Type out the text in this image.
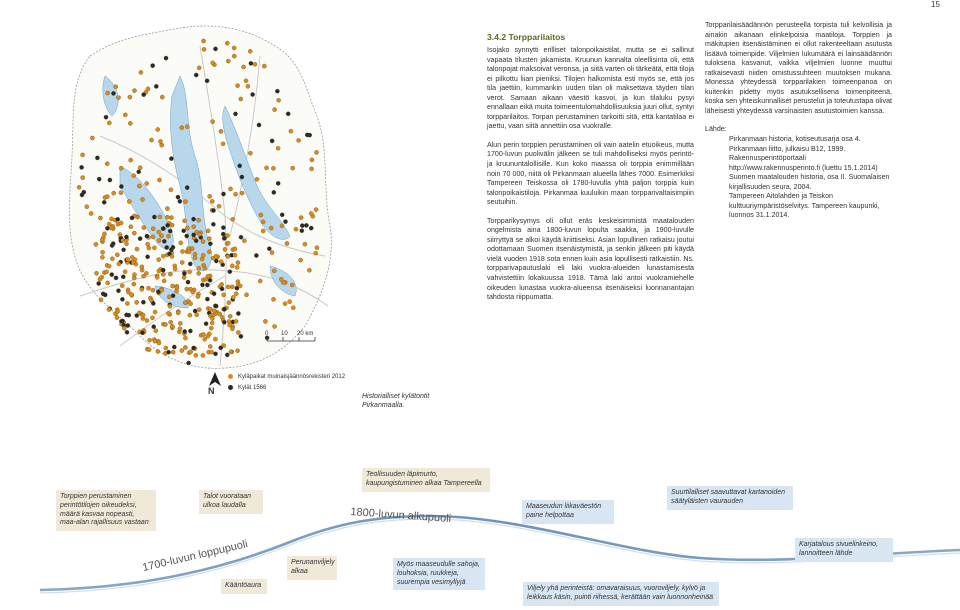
15
0 10 20 km
N
Kyläpaikat muinaisjäännösrekisteri 2012
Kylät 1566
Historialliset kylätontit Pirkanmaalla.
3.4.2 Torpparilaitos

Isojako synnytti erilliset talonpoikaistilat, mutta se ei sallinut vapaata tilusten jakamista. Kruunun kannalta oleellisinta oli, että talonpojat maksoivat veronsa, ja siitä varten oli tärkeätä, että tiloja ei pilkottu liian pieniksi. Tilojen halkomista esti myös se, että jos tila jaettiin, kummankin uuden tilan oli maksettava täyden tilan verot. Samaan aikaan väestö kasvoi, ja kun tilaluku pysyi ennallaan eikä muita toimeentulomahdollisuuksia juuri ollut, syntyi torpparilaitos. Torpan perustaminen tarkoitti sitä, että kantatilaa ei jaettu, vaan siitä annettiin osa vuokralle.

Alun perin torppien perustaminen oli vain aatelin etuoikeus, mutta 1700-luvun puolivälin jälkeen se tuli mahdolliseksi myös perintö- ja kruununtalollisille. Kun koko maassa oli torppia enimmillään noin 70 000, niitä oli Pirkanmaan alueella lähes 7000. Esimerkiksi Tampereen Teiskossa oli 1780-luvulla yhtä paljon torppia kuin talonpoikaistiloja. Pirkanmaa kuuluikin maan torpparivaltaisimpiin seutuihin.

Torpparikysymys oli ollut eräs keskeisimmistä maatalouden ongelmista aina 1800-luvun lopulta saakka, ja 1900-luvulle siirryttyä se alkoi käydä kriittiseksi. Asian lopullinen ratkaisu joutui odottamaan Suomen itsenäistymistä, ja senkin jälkeen piti käydä vielä vuoden 1918 sota ennen kuin asia lopullisesti ratkaistiin. Ns. torpparivapautuslaki eli laki vuokra-alueiden lunastamisesta vahvistettiin lokakuussa 1918. Tämä laki antoi vuokramiehelle oikeuden lunastaa vuokra-alueensa itsenäiseksi luonnanantajan tahdosta riippumatta.

Torpparilaisäädännön perusteella torpista tuli kelvollisia ja ainakin aikanaan elinkelpoisia maatiloja. Torppien ja mäkitupien itsenäistäminen ei ollut rakenteeltaan asutusta lisäävä toimenpide. Viljelmien lukumäärä ei lainsäädännön tuloksena kasvanut, vaikka viljelmien luonne muuttui ratkaisevasti niiden omistussuhteen muutoksen mukana. Monessa yhteydessä torpparilakien toimeenpanoa on kuitenkin pidetty myös asutuksellisena toimenpiteenä, koska sen yhteiskunnalliset perustelut ja toteutustapa olivat läheisesti yhteydessä varsinaisten asutustoimien kanssa.

Lähde:
Pirkanmaan historia, kotiseutusarja osa 4. Pirkanmaan liitto, julkaisu B12, 1999.
Rakennusperintöportaali http://www.rakennusperinto.fi (luettu 15.1.2014)
Suomen maatalouden historia, osa II. Suomalaisen kirjallisuuden seura, 2004.
Tampereen Aitolahden ja Teiskon kulttuuriympäristöselvitys. Tampereen kaupunki, luonnos 31.1.2014.
1700-luvun loppupuoli
1800-luvun alkupuoli
Torppien perustaminen perintötilojen oikeudeksi, määrä kasvaa nopeasti, maa-alan rajallisuus vastaan
Talot vuorataan ulkoa laudalla
Kääntöaura
Perunanviljely alkaa
Teollisuuden läpimurto, kaupungistuminen alkaa Tampereella
Myös maaseudulle sahoja, louhoksia, ruukkeja, suurempia vesimyllyjä
Maaseudun liikaväestön paine helpottaa
Viljely yhä perinteistä: omavaraisuus, vuoroviljely, kylvö ja leikkaus käsin, puinti riihessä, kerättään vain luonnonheinää
Suurtilalliset saavuttavat kartanoiden säätyläisten vaurauden
Karjatalous sivuelinkeino, lannoitteen lähde
